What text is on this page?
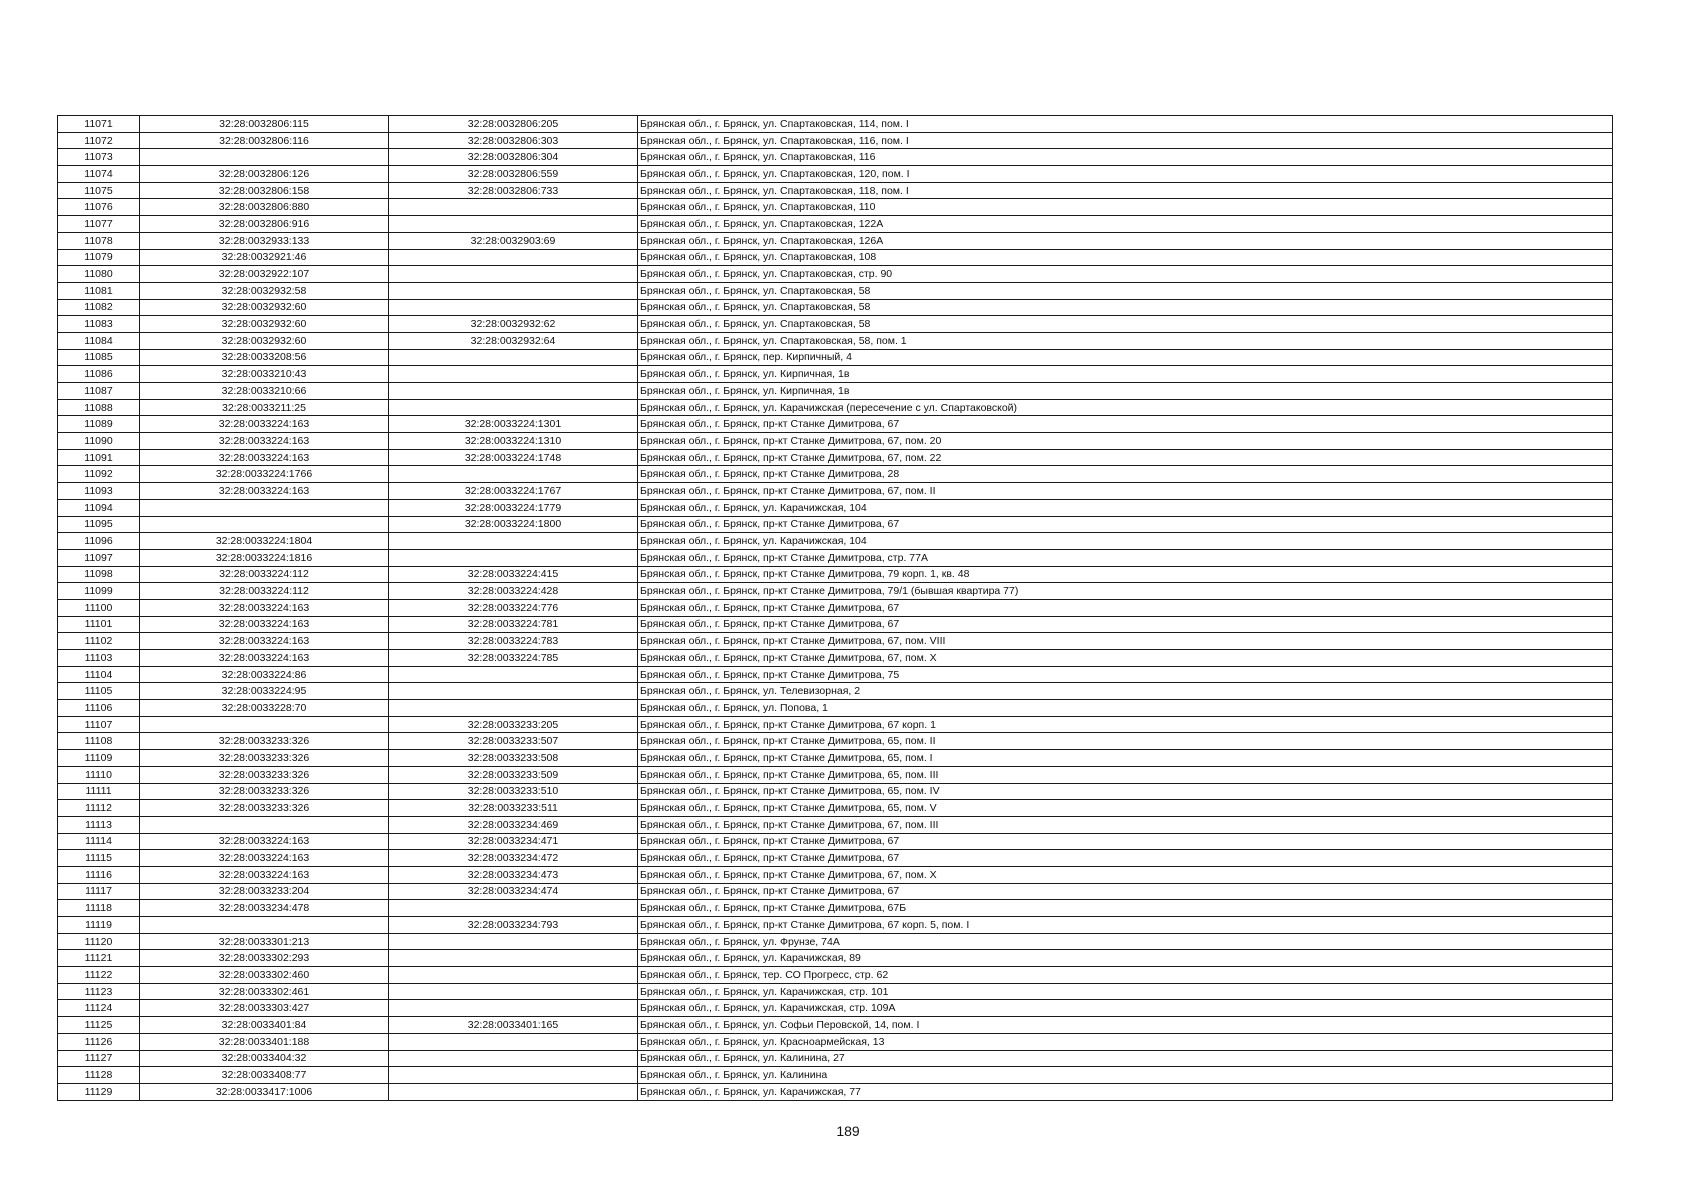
11071	32:28:0032806:115	32:28:0032806:205	Брянская обл., г. Брянск, ул. Спартаковская, 114, пом. I
11072	32:28:0032806:116	32:28:0032806:303	Брянская обл., г. Брянск, ул. Спартаковская, 116, пом. I
11073		32:28:0032806:304	Брянская обл., г. Брянск, ул. Спартаковская, 116
11074	32:28:0032806:126	32:28:0032806:559	Брянская обл., г. Брянск, ул. Спартаковская, 120, пом. I
11075	32:28:0032806:158	32:28:0032806:733	Брянская обл., г. Брянск, ул. Спартаковская, 118, пом. I
11076	32:28:0032806:880		Брянская обл., г. Брянск, ул. Спартаковская, 110
11077	32:28:0032806:916		Брянская обл., г. Брянск, ул. Спартаковская, 122А
11078	32:28:0032933:133	32:28:0032903:69	Брянская обл., г. Брянск, ул. Спартаковская, 126А
11079	32:28:0032921:46		Брянская обл., г. Брянск, ул. Спартаковская, 108
11080	32:28:0032922:107		Брянская обл., г. Брянск, ул. Спартаковская, стр. 90
11081	32:28:0032932:58		Брянская обл., г. Брянск, ул. Спартаковская, 58
11082	32:28:0032932:60		Брянская обл., г. Брянск, ул. Спартаковская, 58
11083	32:28:0032932:60	32:28:0032932:62	Брянская обл., г. Брянск, ул. Спартаковская, 58
11084	32:28:0032932:60	32:28:0032932:64	Брянская обл., г. Брянск, ул. Спартаковская, 58, пом. 1
11085	32:28:0033208:56		Брянская обл., г. Брянск, пер. Кирпичный, 4
11086	32:28:0033210:43		Брянская обл., г. Брянск, ул. Кирпичная, 1в
11087	32:28:0033210:66		Брянская обл., г. Брянск, ул. Кирпичная, 1в
11088	32:28:0033211:25		Брянская обл., г. Брянск, ул. Карачижская (пересечение с ул. Спартаковской)
11089	32:28:0033224:163	32:28:0033224:1301	Брянская обл., г. Брянск, пр-кт Станке Димитрова, 67
11090	32:28:0033224:163	32:28:0033224:1310	Брянская обл., г. Брянск, пр-кт Станке Димитрова, 67, пом. 20
11091	32:28:0033224:163	32:28:0033224:1748	Брянская обл., г. Брянск, пр-кт Станке Димитрова, 67, пом. 22
11092	32:28:0033224:1766		Брянская обл., г. Брянск, пр-кт Станке Димитрова, 28
11093	32:28:0033224:163	32:28:0033224:1767	Брянская обл., г. Брянск, пр-кт Станке Димитрова, 67, пом. II
11094		32:28:0033224:1779	Брянская обл., г. Брянск, ул. Карачижская, 104
11095		32:28:0033224:1800	Брянская обл., г. Брянск, пр-кт Станке Димитрова, 67
11096	32:28:0033224:1804		Брянская обл., г. Брянск, ул. Карачижская, 104
11097	32:28:0033224:1816		Брянская обл., г. Брянск, пр-кт Станке Димитрова, стр. 77А
11098	32:28:0033224:112	32:28:0033224:415	Брянская обл., г. Брянск, пр-кт Станке Димитрова, 79 корп. 1, кв. 48
11099	32:28:0033224:112	32:28:0033224:428	Брянская обл., г. Брянск, пр-кт Станке Димитрова, 79/1 (бывшая квартира 77)
11100	32:28:0033224:163	32:28:0033224:776	Брянская обл., г. Брянск, пр-кт Станке Димитрова, 67
11101	32:28:0033224:163	32:28:0033224:781	Брянская обл., г. Брянск, пр-кт Станке Димитрова, 67
11102	32:28:0033224:163	32:28:0033224:783	Брянская обл., г. Брянск, пр-кт Станке Димитрова, 67, пом. VIII
11103	32:28:0033224:163	32:28:0033224:785	Брянская обл., г. Брянск, пр-кт Станке Димитрова, 67, пом. X
11104	32:28:0033224:86		Брянская обл., г. Брянск, пр-кт Станке Димитрова, 75
11105	32:28:0033224:95		Брянская обл., г. Брянск, ул. Телевизорная, 2
11106	32:28:0033228:70		Брянская обл., г. Брянск, ул. Попова, 1
11107		32:28:0033233:205	Брянская обл., г. Брянск, пр-кт Станке Димитрова, 67 корп. 1
11108	32:28:0033233:326	32:28:0033233:507	Брянская обл., г. Брянск, пр-кт Станке Димитрова, 65, пом. II
11109	32:28:0033233:326	32:28:0033233:508	Брянская обл., г. Брянск, пр-кт Станке Димитрова, 65, пом. I
11110	32:28:0033233:326	32:28:0033233:509	Брянская обл., г. Брянск, пр-кт Станке Димитрова, 65, пом. III
11111	32:28:0033233:326	32:28:0033233:510	Брянская обл., г. Брянск, пр-кт Станке Димитрова, 65, пом. IV
11112	32:28:0033233:326	32:28:0033233:511	Брянская обл., г. Брянск, пр-кт Станке Димитрова, 65, пом. V
11113		32:28:0033234:469	Брянская обл., г. Брянск, пр-кт Станке Димитрова, 67, пом. III
11114	32:28:0033224:163	32:28:0033234:471	Брянская обл., г. Брянск, пр-кт Станке Димитрова, 67
11115	32:28:0033224:163	32:28:0033234:472	Брянская обл., г. Брянск, пр-кт Станке Димитрова, 67
11116	32:28:0033224:163	32:28:0033234:473	Брянская обл., г. Брянск, пр-кт Станке Димитрова, 67, пом. X
11117	32:28:0033233:204	32:28:0033234:474	Брянская обл., г. Брянск, пр-кт Станке Димитрова, 67
11118	32:28:0033234:478		Брянская обл., г. Брянск, пр-кт Станке Димитрова, 67Б
11119		32:28:0033234:793	Брянская обл., г. Брянск, пр-кт Станке Димитрова, 67 корп. 5, пом. I
11120	32:28:0033301:213		Брянская обл., г. Брянск, ул. Фрунзе, 74А
11121	32:28:0033302:293		Брянская обл., г. Брянск, ул. Карачижская, 89
11122	32:28:0033302:460		Брянская обл., г. Брянск, тер. СО Прогресс, стр. 62
11123	32:28:0033302:461		Брянская обл., г. Брянск, ул. Карачижская, стр. 101
11124	32:28:0033303:427		Брянская обл., г. Брянск, ул. Карачижская, стр. 109А
11125	32:28:0033401:84	32:28:0033401:165	Брянская обл., г. Брянск, ул. Софьи Перовской, 14, пом. I
11126	32:28:0033401:188		Брянская обл., г. Брянск, ул. Красноармейская, 13
11127	32:28:0033404:32		Брянская обл., г. Брянск, ул. Калинина, 27
11128	32:28:0033408:77		Брянская обл., г. Брянск, ул. Калинина
11129	32:28:0033417:1006		Брянская обл., г. Брянск, ул. Карачижская, 77
189
